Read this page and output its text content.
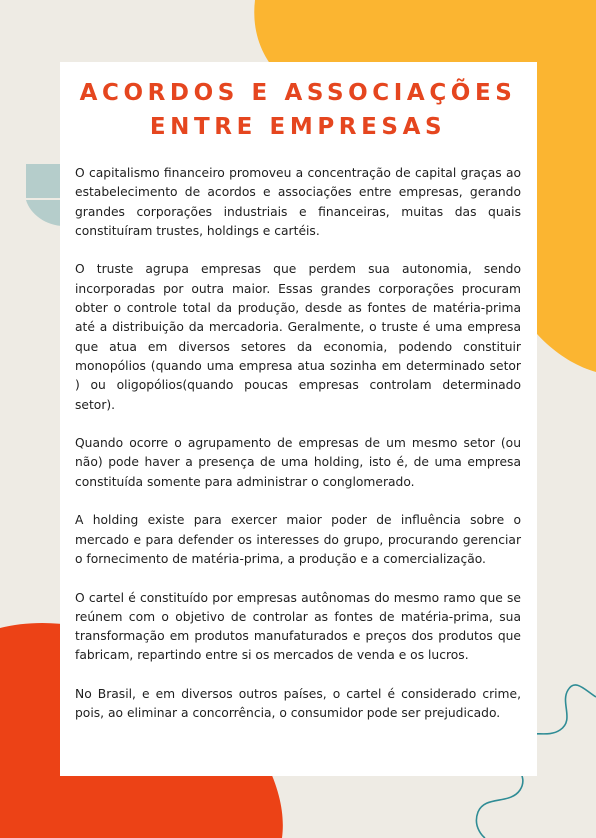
ACORDOS E ASSOCIAÇÕES
ENTRE EMPRESAS

O capitalismo financeiro promoveu a concentração de capital graças ao estabelecimento de acordos e associações entre empresas, gerando grandes corporações industriais e financeiras, muitas das quais constituíram trustes, holdings e cartéis.

O truste agrupa empresas que perdem sua autonomia, sendo incorporadas por outra maior. Essas grandes corporações procuram obter o controle total da produção, desde as fontes de matéria-prima até a distribuição da mercadoria. Geralmente, o truste é uma empresa que atua em diversos setores da economia, podendo constituir monopólios (quando uma empresa atua sozinha em determinado setor ) ou oligopólios(quando poucas empresas controlam determinado setor).

Quando ocorre o agrupamento de empresas de um mesmo setor (ou não) pode haver a presença de uma holding, isto é, de uma empresa constituída somente para administrar o conglomerado.

A holding existe para exercer maior poder de influência sobre o mercado e para defender os interesses do grupo, procurando gerenciar o fornecimento de matéria-prima, a produção e a comercialização.

O cartel é constituído por empresas autônomas do mesmo ramo que se reúnem com o objetivo de controlar as fontes de matéria-prima, sua transformação em produtos manufaturados e preços dos produtos que fabricam, repartindo entre si os mercados de venda e os lucros.

No Brasil, e em diversos outros países, o cartel é considerado crime, pois, ao eliminar a concorrência, o consumidor pode ser prejudicado.
